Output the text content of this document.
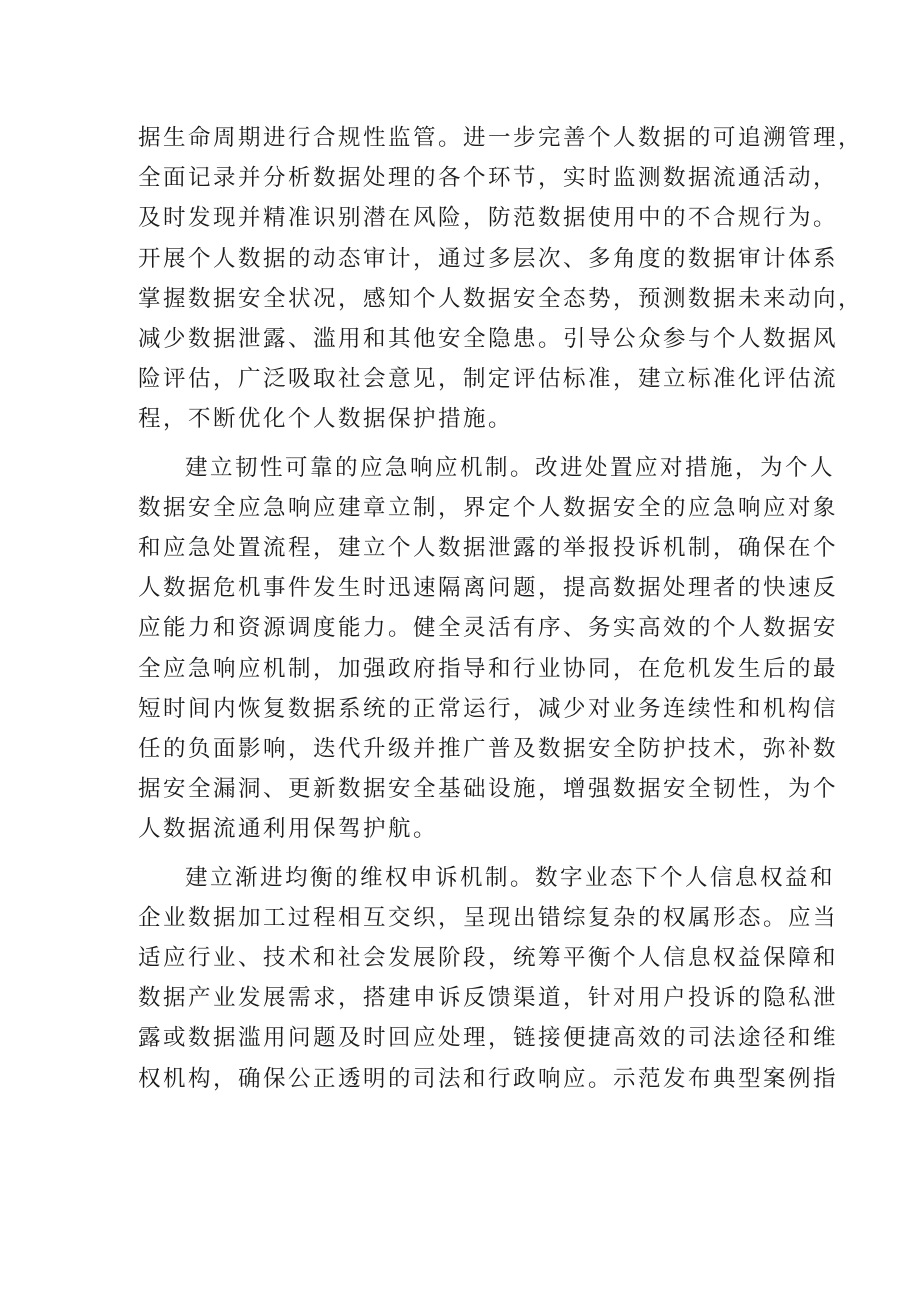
据生命周期进行合规性监管。进一步完善个人数据的可追溯管理，
全面记录并分析数据处理的各个环节，实时监测数据流通活动，
及时发现并精准识别潜在风险，防范数据使用中的不合规行为。
开展个人数据的动态审计，通过多层次、多角度的数据审计体系
掌握数据安全状况，感知个人数据安全态势，预测数据未来动向，
减少数据泄露、滥用和其他安全隐患。引导公众参与个人数据风
险评估，广泛吸取社会意见，制定评估标准，建立标准化评估流
程，不断优化个人数据保护措施。
建立韧性可靠的应急响应机制。改进处置应对措施，为个人
数据安全应急响应建章立制，界定个人数据安全的应急响应对象
和应急处置流程，建立个人数据泄露的举报投诉机制，确保在个
人数据危机事件发生时迅速隔离问题，提高数据处理者的快速反
应能力和资源调度能力。健全灵活有序、务实高效的个人数据安
全应急响应机制，加强政府指导和行业协同，在危机发生后的最
短时间内恢复数据系统的正常运行，减少对业务连续性和机构信
任的负面影响，迭代升级并推广普及数据安全防护技术，弥补数
据安全漏洞、更新数据安全基础设施，增强数据安全韧性，为个
人数据流通利用保驾护航。
建立渐进均衡的维权申诉机制。数字业态下个人信息权益和
企业数据加工过程相互交织，呈现出错综复杂的权属形态。应当
适应行业、技术和社会发展阶段，统筹平衡个人信息权益保障和
数据产业发展需求，搭建申诉反馈渠道，针对用户投诉的隐私泄
露或数据滥用问题及时回应处理，链接便捷高效的司法途径和维
权机构，确保公正透明的司法和行政响应。示范发布典型案例指
